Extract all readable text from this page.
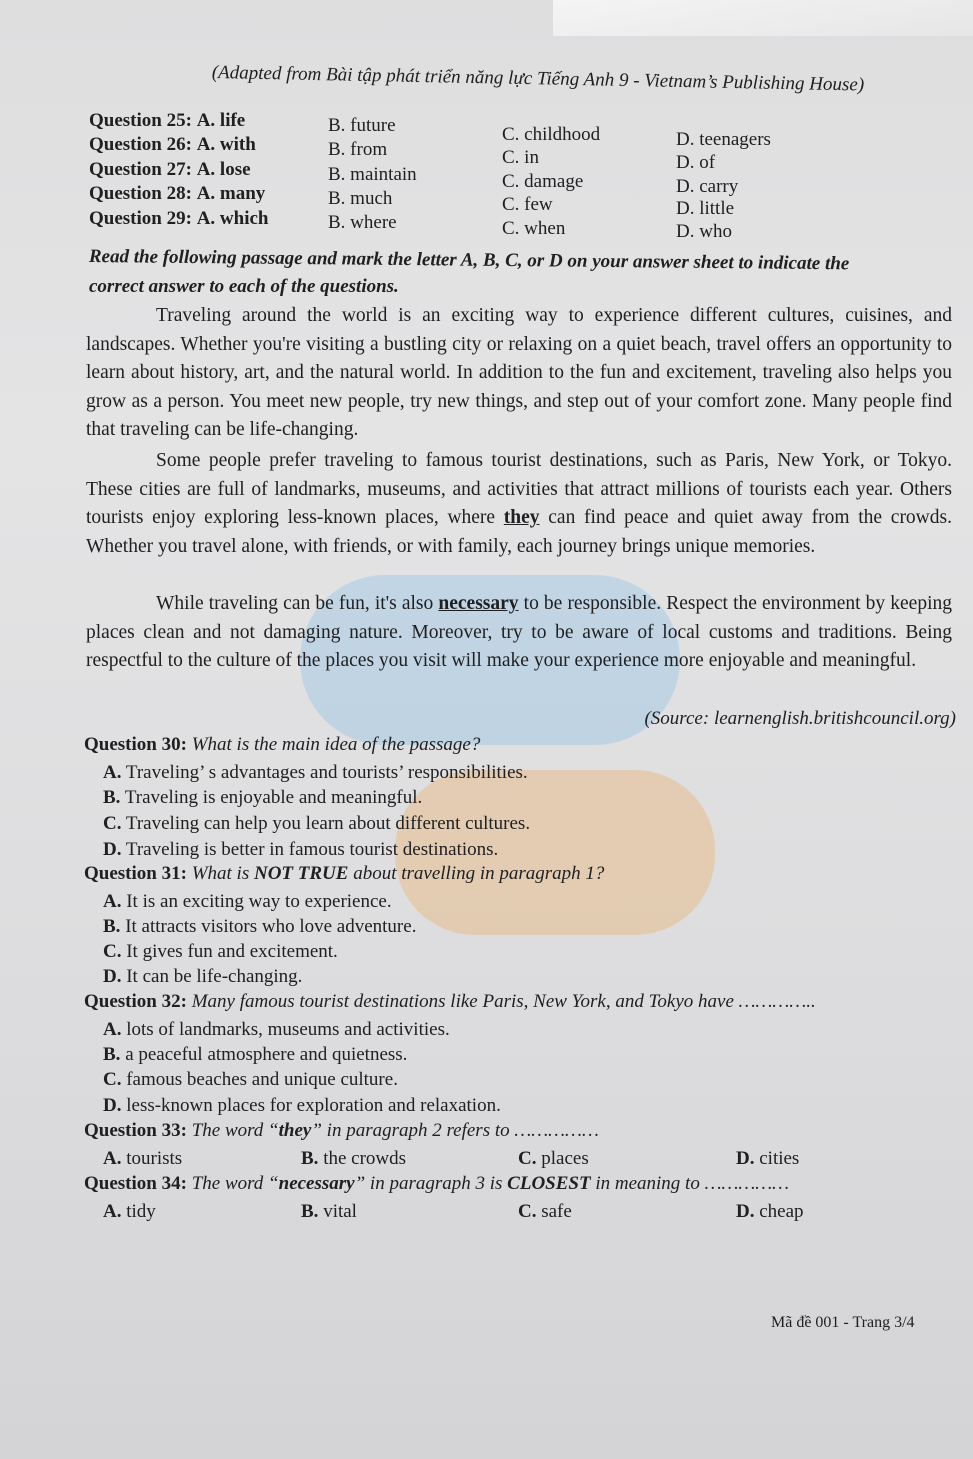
(Adapted from Bài tập phát triển năng lực Tiếng Anh 9 - Vietnam’s Publishing House)
Question 25: A. life	B. future	C. childhood	D. teenagers
Question 26: A. with	B. from	C. in	D. of
Question 27: A. lose	B. maintain	C. damage	D. carry
Question 28: A. many	B. much	C. few	D. little
Question 29: A. which	B. where	C. when	D. who
Read the following passage and mark the letter A, B, C, or D on your answer sheet to indicate the
correct answer to each of the questions.
Traveling around the world is an exciting way to experience different cultures, cuisines, and landscapes. Whether you're visiting a bustling city or relaxing on a quiet beach, travel offers an opportunity to learn about history, art, and the natural world. In addition to the fun and excitement, traveling also helps you grow as a person. You meet new people, try new things, and step out of your comfort zone. Many people find that traveling can be life-changing.
Some people prefer traveling to famous tourist destinations, such as Paris, New York, or Tokyo. These cities are full of landmarks, museums, and activities that attract millions of tourists each year. Others tourists enjoy exploring less-known places, where they can find peace and quiet away from the crowds. Whether you travel alone, with friends, or with family, each journey brings unique memories.
While traveling can be fun, it's also necessary to be responsible. Respect the environment by keeping places clean and not damaging nature. Moreover, try to be aware of local customs and traditions. Being respectful to the culture of the places you visit will make your experience more enjoyable and meaningful.
(Source: learnenglish.britishcouncil.org)
Question 30: What is the main idea of the passage?
A. Traveling’ s advantages and tourists’ responsibilities.
B. Traveling is enjoyable and meaningful.
C. Traveling can help you learn about different cultures.
D. Traveling is better in famous tourist destinations.
Question 31: What is NOT TRUE about travelling in paragraph 1?
A. It is an exciting way to experience.
B. It attracts visitors who love adventure.
C. It gives fun and excitement.
D. It can be life-changing.
Question 32: Many famous tourist destinations like Paris, New York, and Tokyo have …………..
A. lots of landmarks, museums and activities.
B. a peaceful atmosphere and quietness.
C. famous beaches and unique culture.
D. less-known places for exploration and relaxation.
Question 33: The word “they” in paragraph 2 refers to ……………
A. tourists	B. the crowds	C. places	D. cities
Question 34: The word “necessary” in paragraph 3 is CLOSEST in meaning to ……………
A. tidy	B. vital	C. safe	D. cheap
Mã đề 001 - Trang 3/4
